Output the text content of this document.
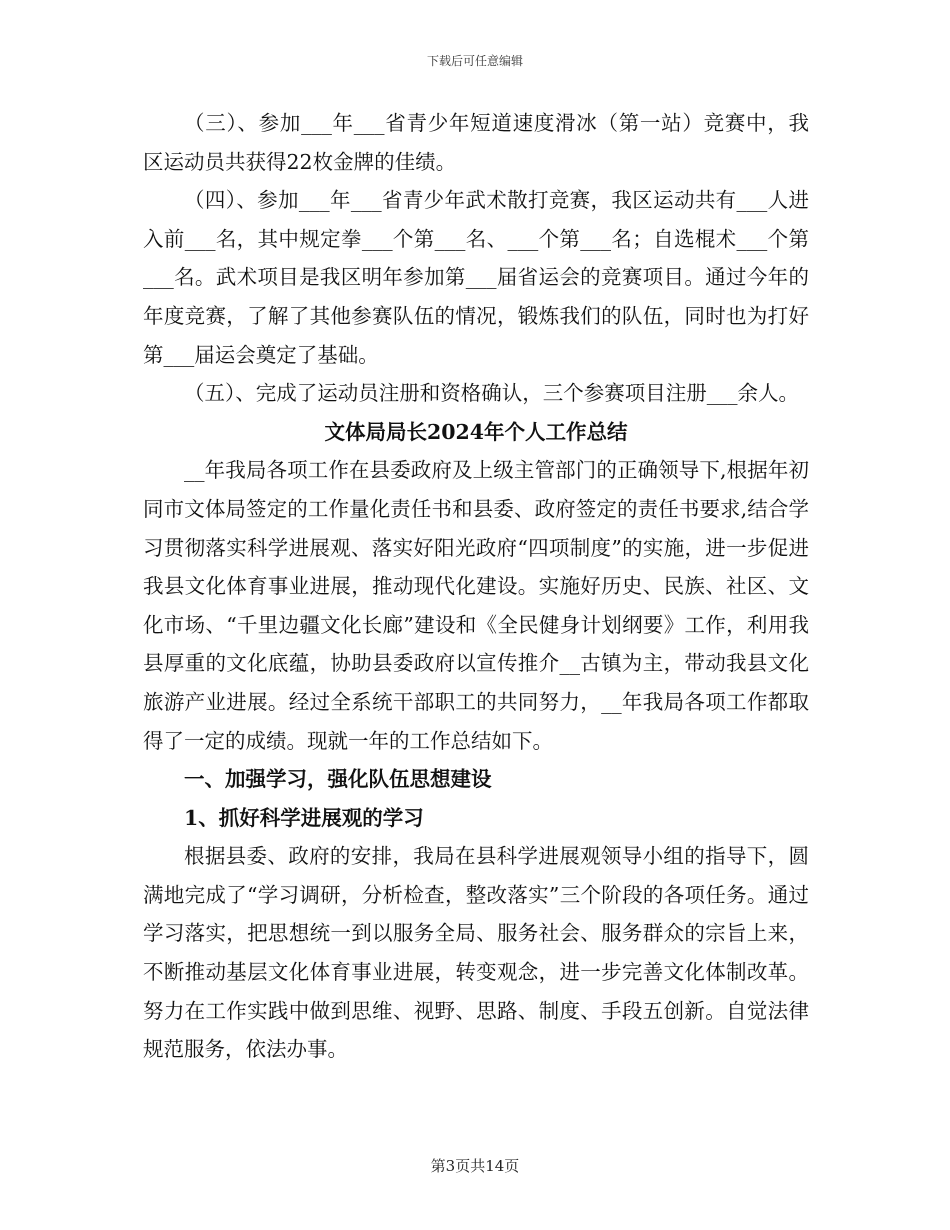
下载后可任意编辑

（三）、参加___年___省青少年短道速度滑冰（第一站）竞赛中，我区运动员共获得22枚金牌的佳绩。

（四）、参加___年___省青少年武术散打竞赛，我区运动共有___人进入前___名，其中规定拳___个第___名、___个第___名；自选棍术___个第___名。武术项目是我区明年参加第___届省运会的竞赛项目。通过今年的年度竞赛，了解了其他参赛队伍的情况，锻炼我们的队伍，同时也为打好第___届运会奠定了基础。

（五）、完成了运动员注册和资格确认，三个参赛项目注册___余人。

文体局局长2024年个人工作总结

__年我局各项工作在县委政府及上级主管部门的正确领导下,根据年初同市文体局签定的工作量化责任书和县委、政府签定的责任书要求,结合学习贯彻落实科学进展观、落实好阳光政府“四项制度”的实施，进一步促进我县文化体育事业进展，推动现代化建设。实施好历史、民族、社区、文化市场、“千里边疆文化长廊”建设和《全民健身计划纲要》工作，利用我县厚重的文化底蕴，协助县委政府以宣传推介__古镇为主，带动我县文化旅游产业进展。经过全系统干部职工的共同努力，__年我局各项工作都取得了一定的成绩。现就一年的工作总结如下。

一、加强学习，强化队伍思想建设

1、抓好科学进展观的学习

根据县委、政府的安排，我局在县科学进展观领导小组的指导下，圆满地完成了“学习调研，分析检查，整改落实”三个阶段的各项任务。通过学习落实，把思想统一到以服务全局、服务社会、服务群众的宗旨上来，不断推动基层文化体育事业进展，转变观念，进一步完善文化体制改革。努力在工作实践中做到思维、视野、思路、制度、手段五创新。自觉法律规范服务，依法办事。

第3页共14页
